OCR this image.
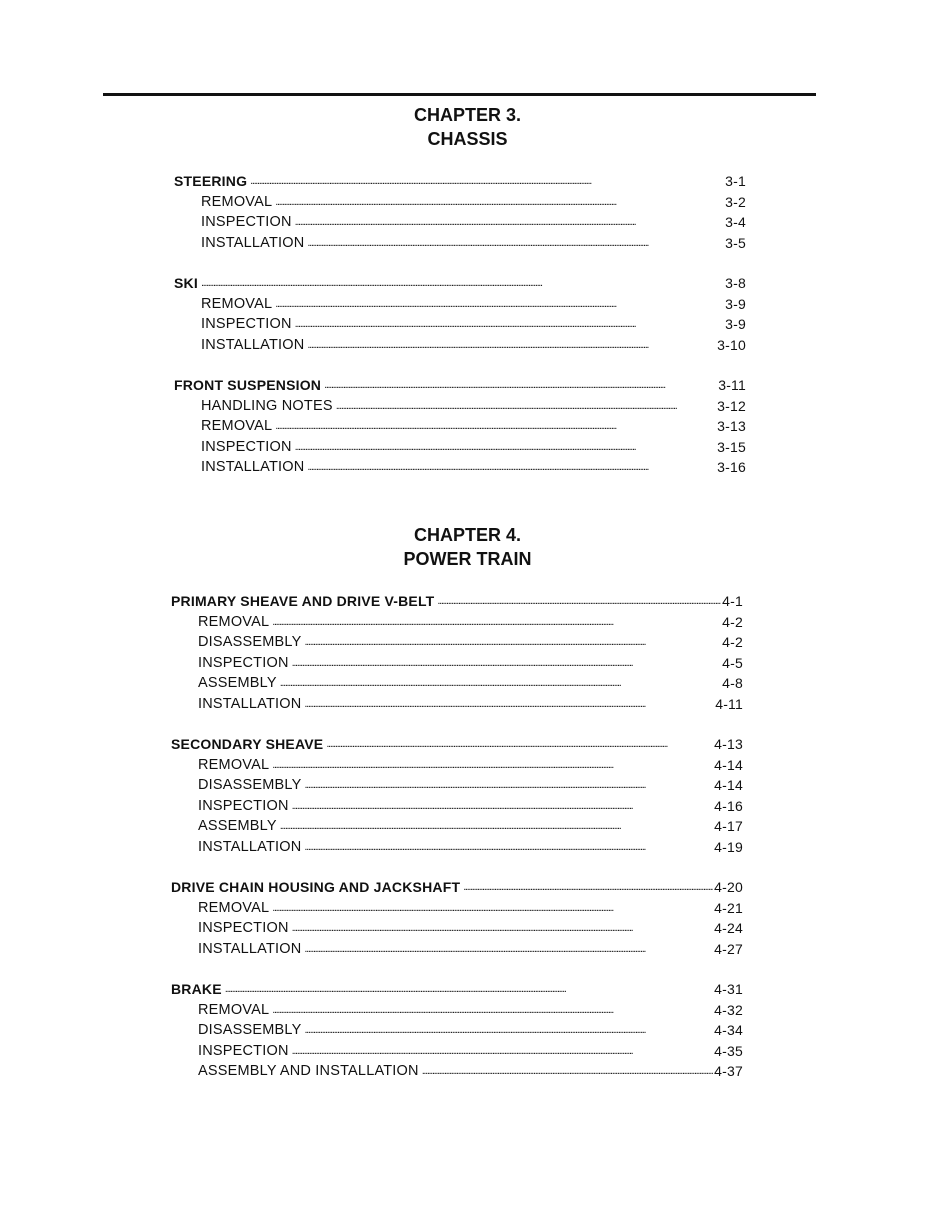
CHAPTER 3.
CHASSIS
STEERING . . .	3-1
REMOVAL . . .	3-2
INSPECTION . . .	3-4
INSTALLATION . . .	3-5
SKI . . .	3-8
REMOVAL . . .	3-9
INSPECTION . . .	3-9
INSTALLATION . . .	3-10
FRONT SUSPENSION . . .	3-11
HANDLING NOTES . . .	3-12
REMOVAL . . .	3-13
INSPECTION . . .	3-15
INSTALLATION . . .	3-16
CHAPTER 4.
POWER TRAIN
PRIMARY SHEAVE AND DRIVE V-BELT . . .	4-1
REMOVAL . . .	4-2
DISASSEMBLY . . .	4-2
INSPECTION . . .	4-5
ASSEMBLY . . .	4-8
INSTALLATION . . .	4-11
SECONDARY SHEAVE . . .	4-13
REMOVAL . . .	4-14
DISASSEMBLY . . .	4-14
INSPECTION . . .	4-16
ASSEMBLY . . .	4-17
INSTALLATION . . .	4-19
DRIVE CHAIN HOUSING AND JACKSHAFT . . .	4-20
REMOVAL . . .	4-21
INSPECTION . . .	4-24
INSTALLATION . . .	4-27
BRAKE . . .	4-31
REMOVAL . . .	4-32
DISASSEMBLY . . .	4-34
INSPECTION . . .	4-35
ASSEMBLY AND INSTALLATION . . .	4-37
